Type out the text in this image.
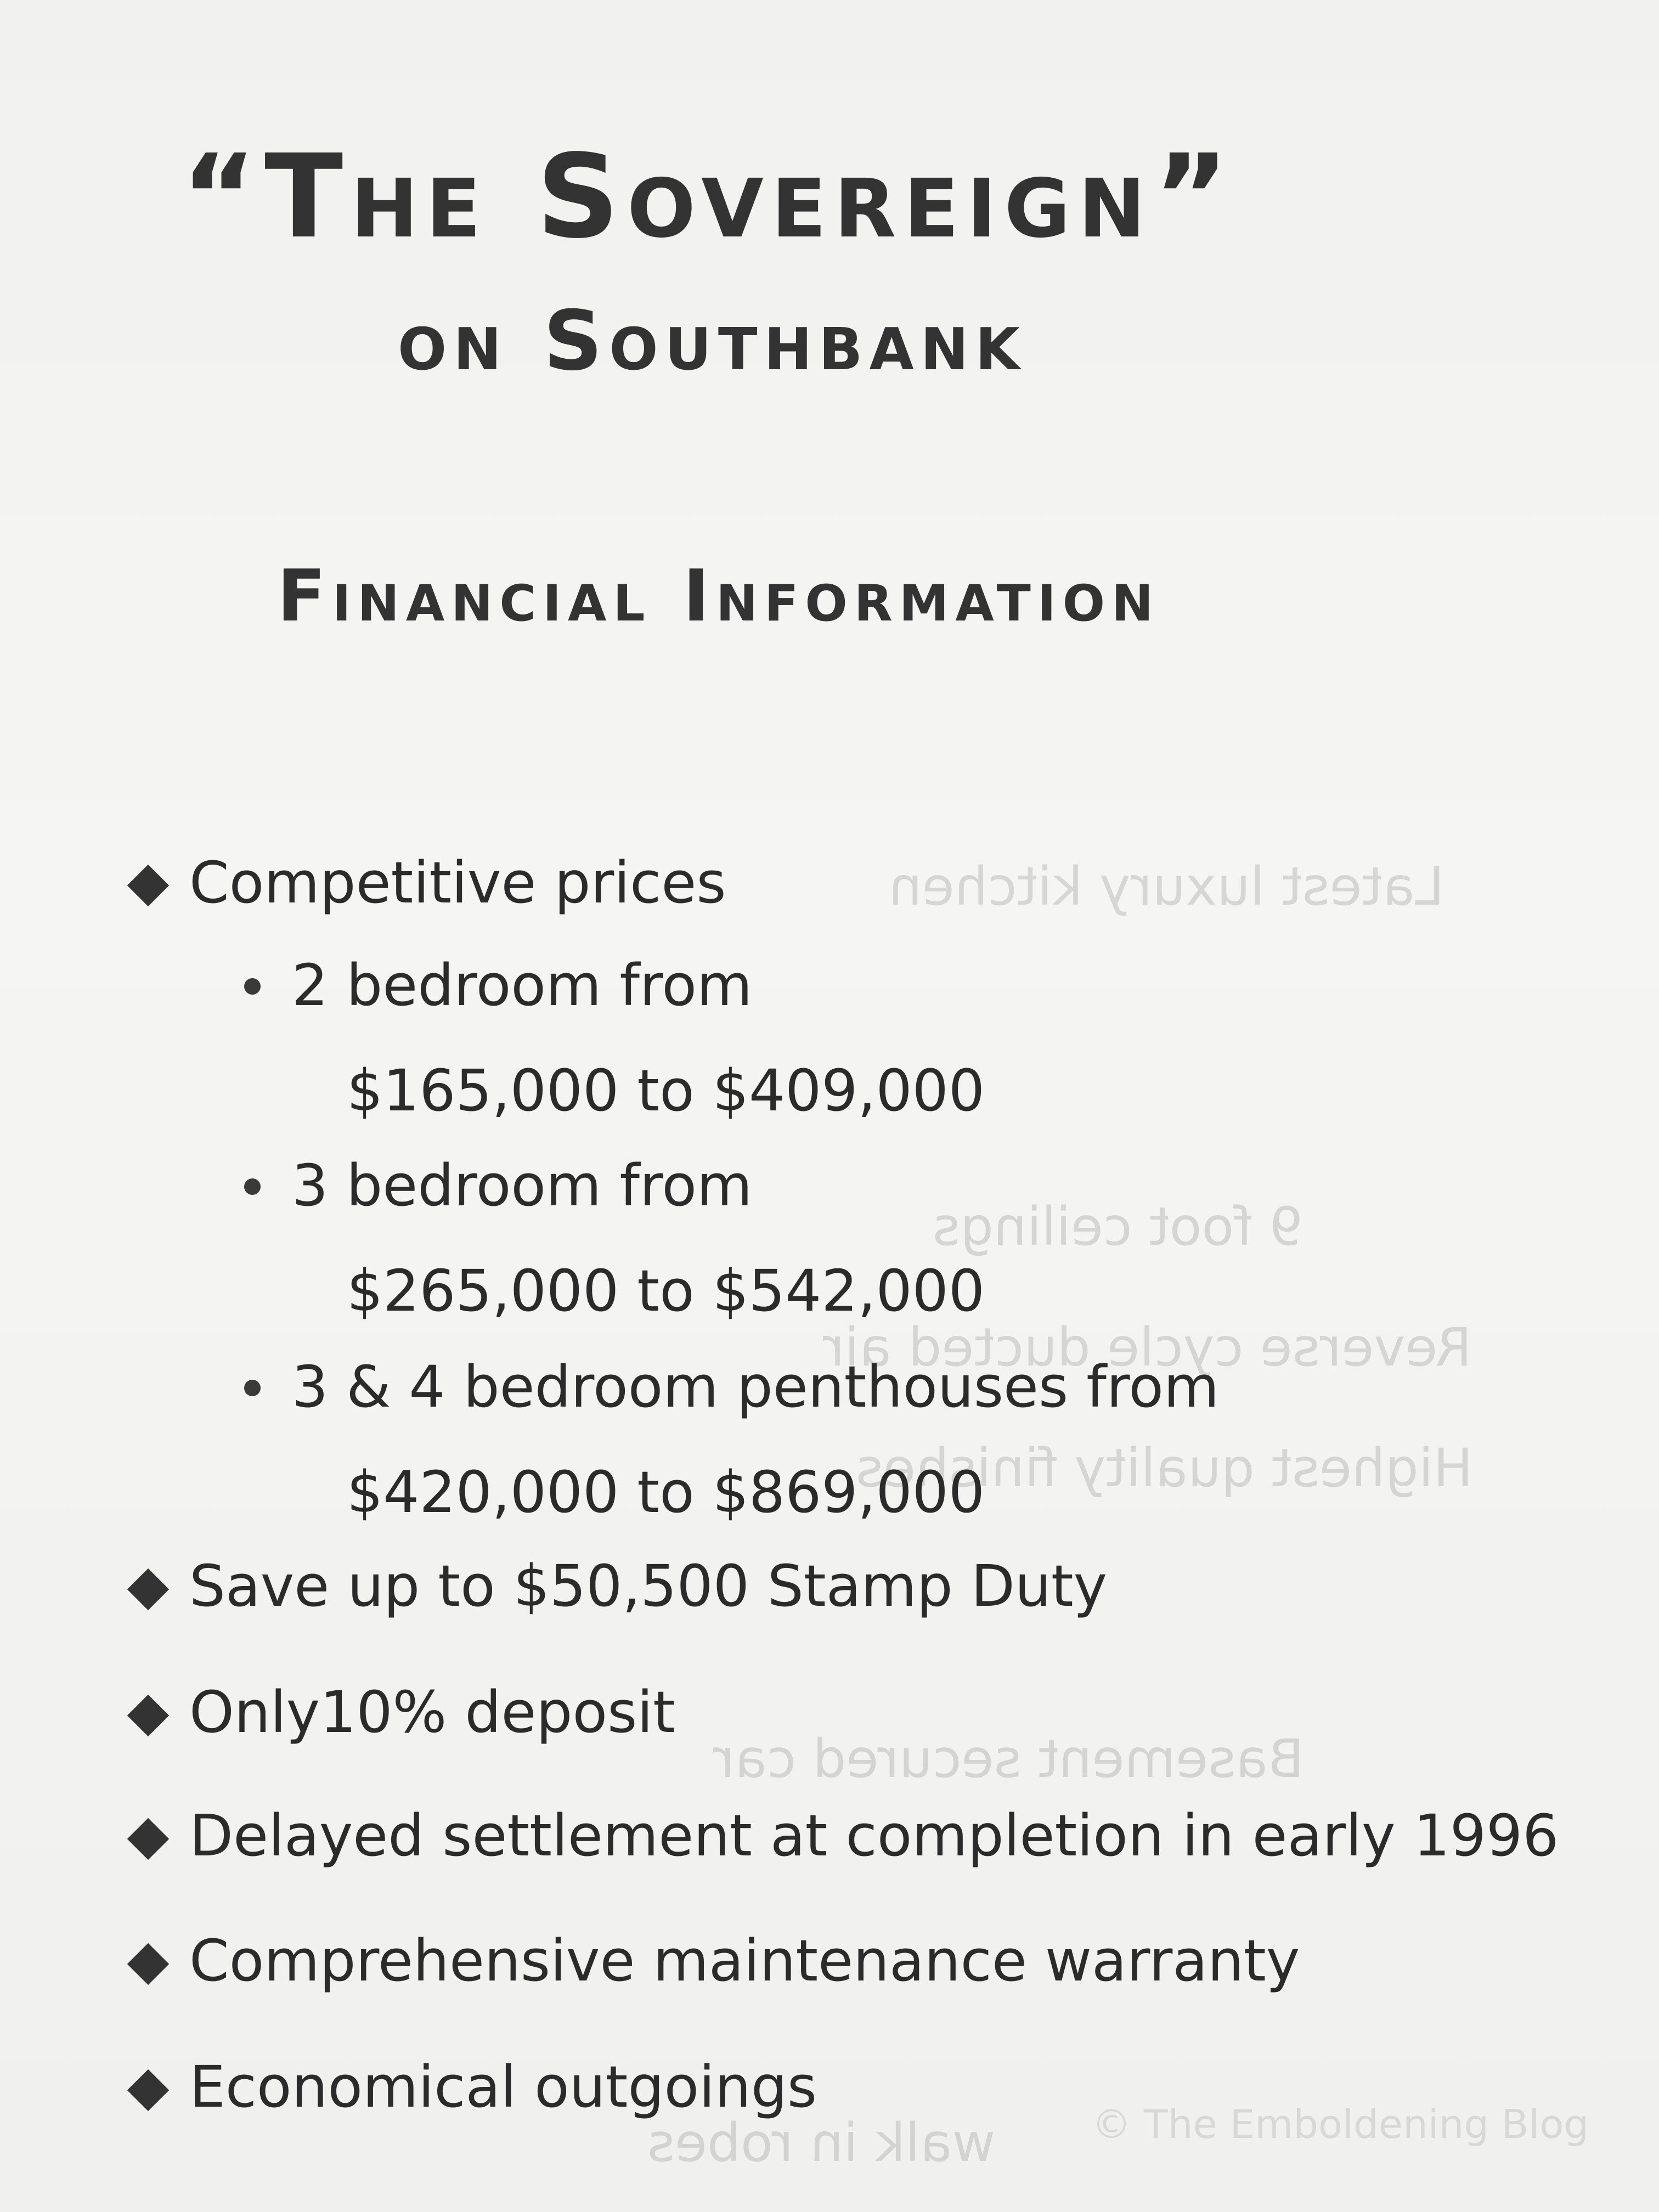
Latest luxury kitchen
9 foot ceilings
Reverse cycle ducted air
Highest quality finishes
Basement secured car
walk in robes
“The Sovereign”
on Southbank
Financial Information
Competitive prices
2 bedroom from
$165,000 to $409,000
3 bedroom from
$265,000 to $542,000
3 & 4 bedroom penthouses from
$420,000 to $869,000
Save up to $50,500 Stamp Duty
Only10% deposit
Delayed settlement at completion in early 1996
Comprehensive maintenance warranty
Economical outgoings
© The Emboldening Blog
